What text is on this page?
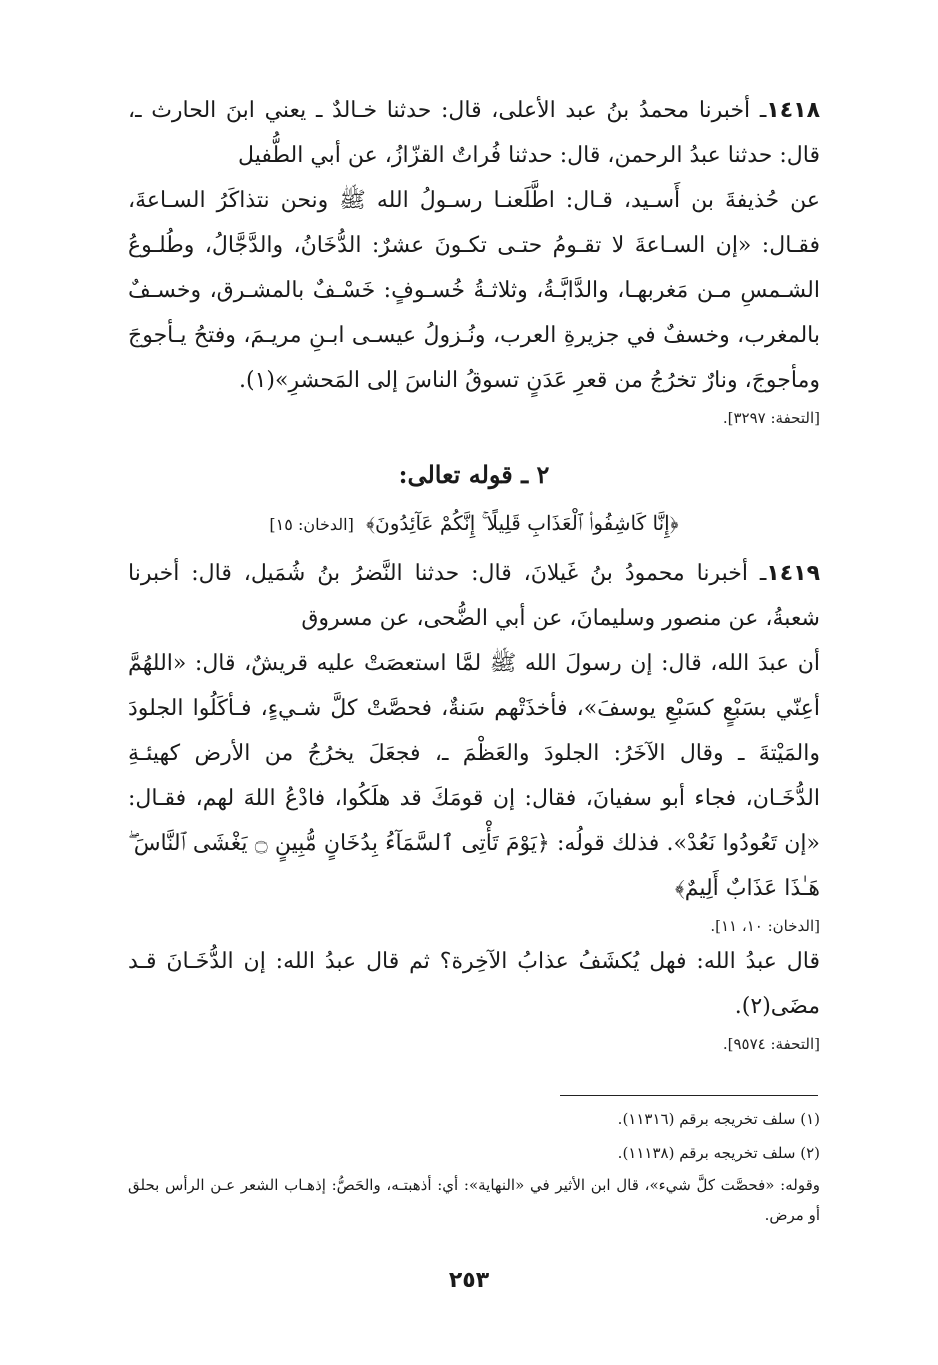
١٤١٨ـ أخبرنا محمدُ بنُ عبد الأعلى، قال: حدثنا خـالدٌ ـ يعني ابنَ الحارث ـ، قال: حدثنا عبدُ الرحمن، قال: حدثنا فُراتٌ القزّازُ، عن أبي الطُّفيل

عن حُذيفةَ بن أَسـيد، قـال: اطَّلَعنـا رسـولُ الله ﷺ ونحن نتذاكَرُ السـاعةَ، فقـال: «إن السـاعةَ لا تقـومُ حتـى تكـونَ عشرٌ: الدُّخَانُ، والدَّجَّالُ، وطُلـوعُ الشـمسِ مـن مَغربهـا، والدَّابَّـةُ، وثلاثـةُ خُسـوفٍ: خَسْـفٌ بالمشـرق، وخسـفٌ بالمغرب، وخسفٌ في جزيرةِ العرب، ونُـزولُ عيسـى ابـنِ مريـمَ، وفتحُ يـأجوجَ ومأجوجَ، ونارٌ تخرُجُ من قعرِ عَدَنٍ تسوقُ الناسَ إلى المَحشرِ»(١).

[التحفة: ٣٢٩٧].
٢ ـ قوله تعالى:
﴿إِنَّا كَاشِفُوا۟ ٱلْعَذَابِ قَلِيلًا ۚ إِنَّكُمْ عَآئِدُونَ﴾ [الدخان: ١٥]

١٤١٩ـ أخبرنا محمودُ بنُ غَيلانَ، قال: حدثنا النَّضرُ بنُ شُمَيل، قال: أخبرنا شعبةُ، عن منصور وسليمانَ، عن أبي الضُّحى، عن مسروق

أن عبدَ الله، قال: إن رسولَ الله ﷺ لمَّا استعصَتْ عليه قريشٌ، قال: «اللهُمَّ أعِنّي بسَبْعٍ كسَبْعِ يوسفَ»، فأخذَتْهم سَنةٌ، فحصَّتْ كلَّ شـيءٍ، فـأكَلُوا الجلودَ والمَيْتةَ ـ وقال الآخَرُ: الجلودَ والعَظْمَ ـ، فجعَلَ يخرُجُ من الأرض كهيئـةِ الدُّخَـان، فجاء أبو سفيانَ، فقال: إن قومَكَ قد هلَكُوا، فادْعُ اللهَ لهم، فقـال: «إن تَعُودُوا نَعُدْ». فذلك قولُه: ﴿يَوْمَ تَأْتِى ٱلسَّمَآءُ بِدُخَانٍ مُّبِينٍ ۝ يَغْشَى ٱلنَّاسَ ۖ هَـٰذَا عَذَابٌ أَلِيمٌ﴾

[الدخان: ١٠، ١١].

قال عبدُ الله: فهل يُكشَفُ عذابُ الآخِرة؟ ثم قال عبدُ الله: إن الدُّخَـانَ قـد مضَى(٢).

[التحفة: ٩٥٧٤].
(١) سلف تخريجه برقم (١١٣١٦).
(٢) سلف تخريجه برقم (١١١٣٨).
وقوله: «فحصَّت كلَّ شيء»، قال ابن الأثير في «النهاية»: أي: أذهبتـه، والحَصُّ: إذهـاب الشعر عـن الرأس بحلق أو مرض.
٢٥٣
